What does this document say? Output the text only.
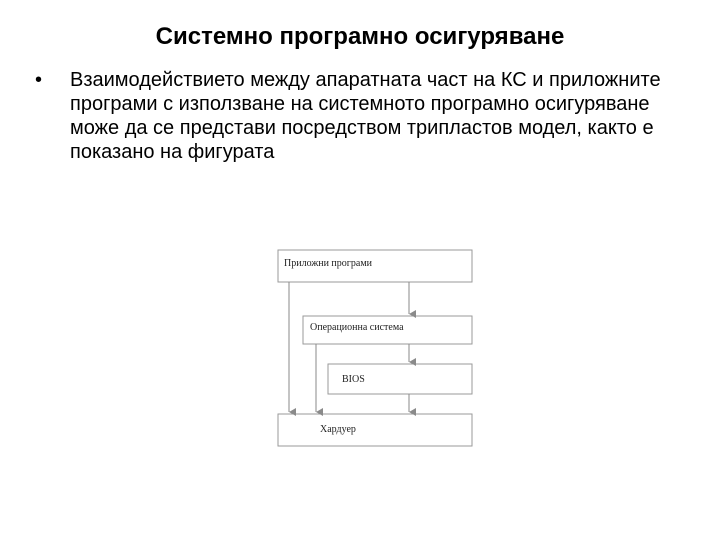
Системно програмно осигуряване
•	Взаимодействието между апаратната част на КС и приложните програми с използване на системното програмно осигуряване може да се представи посредством трипластов модел, както е показано на фигурата
Приложни програми
Операционна система
BIOS
Хардуер
